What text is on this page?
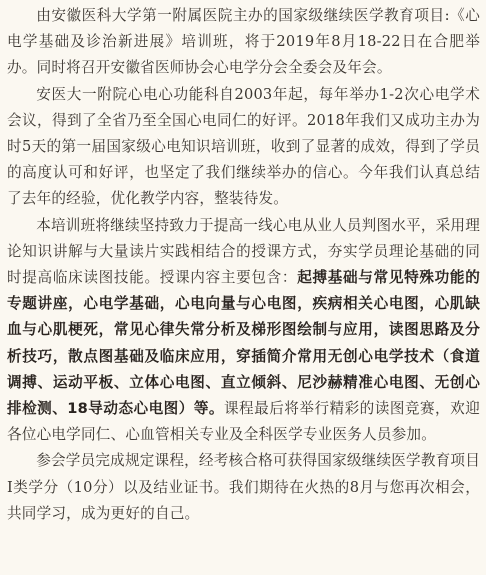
由安徽医科大学第一附属医院主办的国家级继续医学教育项目:《心电学基础及诊治新进展》培训班，将于2019年8月18-22日在合肥举办。同时将召开安徽省医师协会心电学分会全委会及年会。

安医大一附院心电心功能科自2003年起，每年举办1-2次心电学术会议，得到了全省乃至全国心电同仁的好评。2018年我们又成功主办为时5天的第一届国家级心电知识培训班，收到了显著的成效，得到了学员的高度认可和好评，也坚定了我们继续举办的信心。今年我们认真总结了去年的经验，优化教学内容，整装待发。

本培训班将继续坚持致力于提高一线心电从业人员判图水平，采用理论知识讲解与大量读片实践相结合的授课方式，夯实学员理论基础的同时提高临床读图技能。授课内容主要包含：起搏基础与常见特殊功能的专题讲座，心电学基础，心电向量与心电图，疾病相关心电图，心肌缺血与心肌梗死，常见心律失常分析及梯形图绘制与应用，读图思路及分析技巧，散点图基础及临床应用，穿插简介常用无创心电学技术（食道调搏、运动平板、立体心电图、直立倾斜、尼沙赫精准心电图、无创心排检测、18导动态心电图）等。课程最后将举行精彩的读图竞赛，欢迎各位心电学同仁、心血管相关专业及全科医学专业医务人员参加。

参会学员完成规定课程，经考核合格可获得国家级继续医学教育项目Ⅰ类学分（10分）以及结业证书。我们期待在火热的8月与您再次相会，共同学习，成为更好的自己。
